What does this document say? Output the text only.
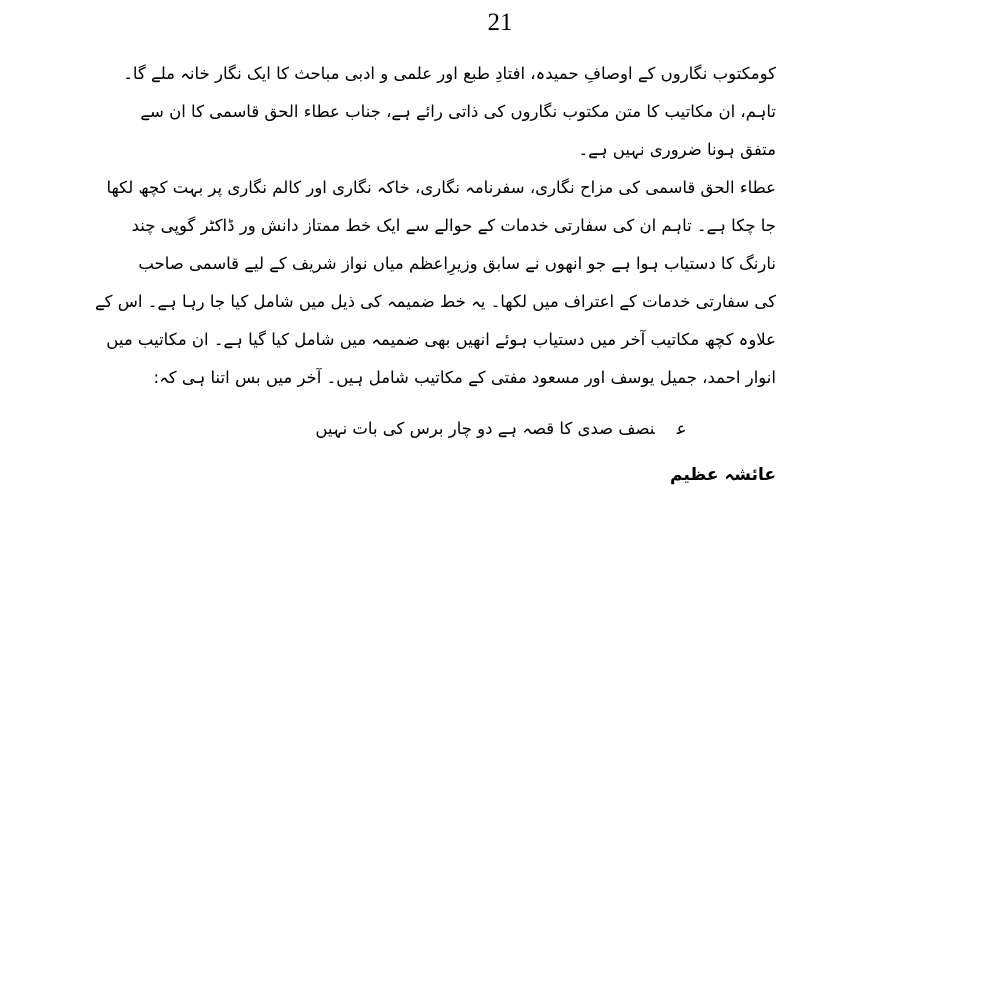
21
کومکتوب نگاروں کے اوصافِ حمیدہ، افتادِ طبع اور علمی و ادبی مباحث کا ایک نگار خانہ ملے گا۔
تاہم، ان مکاتیب کا متن مکتوب نگاروں کی ذاتی رائے ہے، جناب عطاء الحق قاسمی کا ان سے
متفق ہونا ضروری نہیں ہے۔
عطاء الحق قاسمی کی مزاح نگاری، سفرنامہ نگاری، خاکہ نگاری اور کالم نگاری پر بہت کچھ لکھا
جا چکا ہے۔ تاہم ان کی سفارتی خدمات کے حوالے سے ایک خط ممتاز دانش ور ڈاکٹر گوپی چند
نارنگ کا دستیاب ہوا ہے جو انھوں نے سابق وزیرِاعظم میاں نواز شریف کے لیے قاسمی صاحب
کی سفارتی خدمات کے اعتراف میں لکھا۔ یہ خط ضمیمہ کی ذیل میں شامل کیا جا رہا ہے۔ اس کے
علاوہ کچھ مکاتیب آخر میں دستیاب ہوئے انھیں بھی ضمیمہ میں شامل کیا گیا ہے۔ ان مکاتیب میں
انوار احمد، جمیل یوسف اور مسعود مفتی کے مکاتیب شامل ہیں۔ آخر میں بس اتنا ہی کہ:
عنصف صدی کا قصہ ہے دو چار برس کی بات نہیں
عائشہ عظیم
